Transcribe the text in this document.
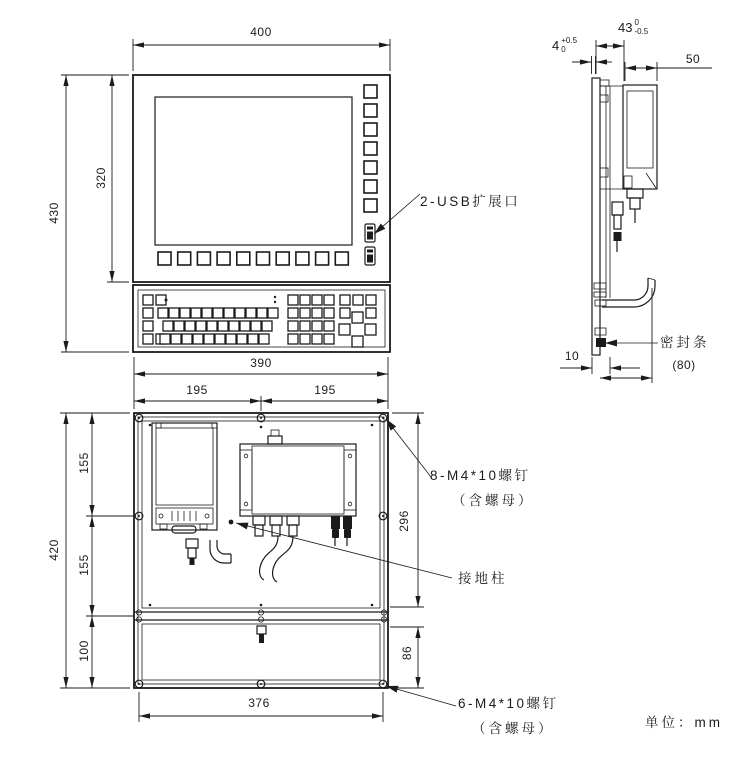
400
430
320
390
195	195
43 0
-0.5
4 +0.5
0
50
10
(80)
420
155
155
100
296
86
376
2-USB扩展口
密封条
8-M4*10螺钉
（含螺母）
接地柱
6-M4*10螺钉
（含螺母）	单位：mm
